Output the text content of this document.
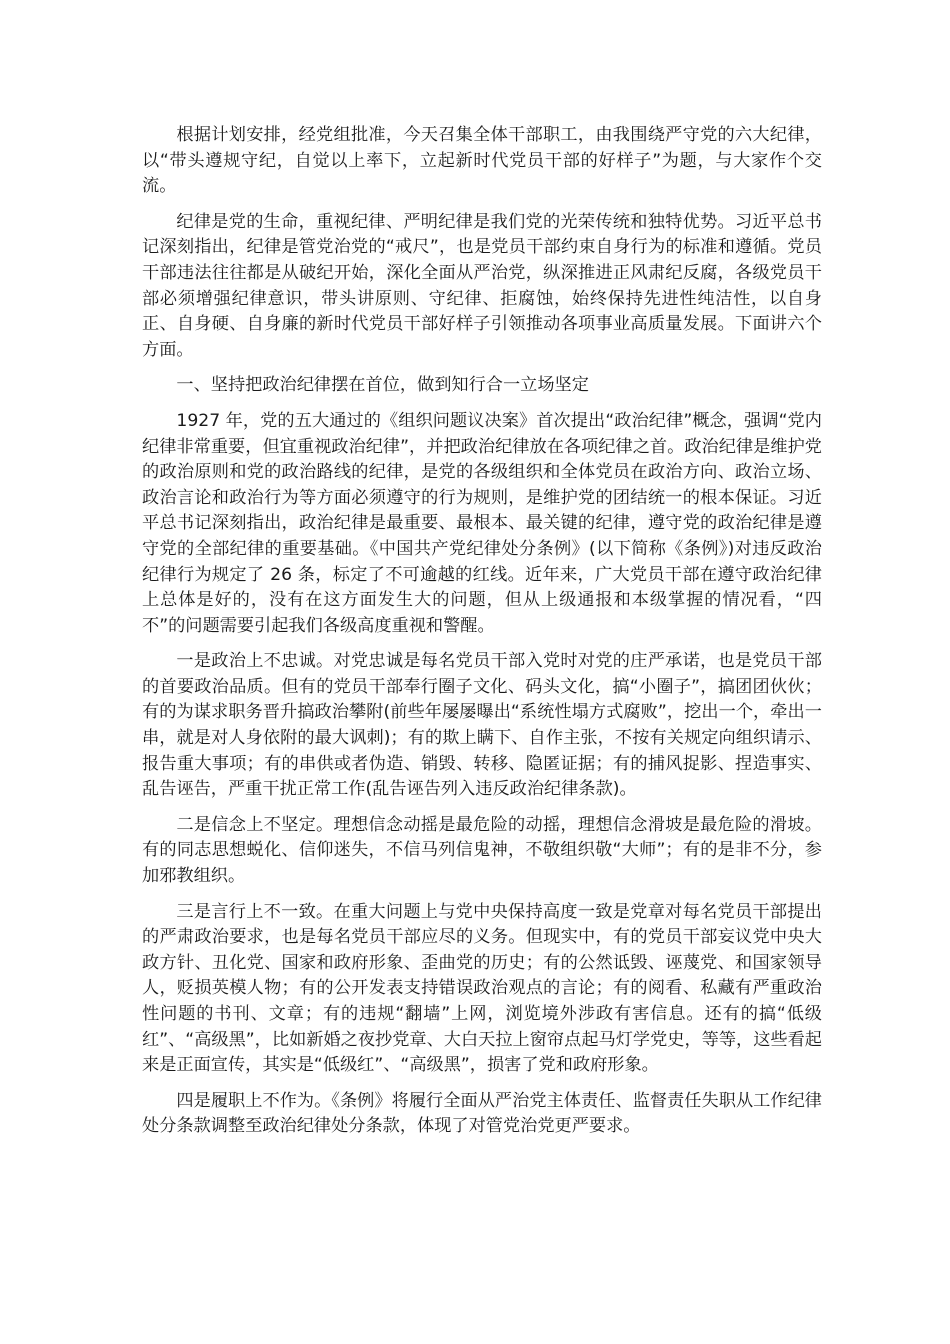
根据计划安排，经党组批准，今天召集全体干部职工，由我围绕严守党的六大纪律，以“带头遵规守纪，自觉以上率下，立起新时代党员干部的好样子”为题，与大家作个交流。

纪律是党的生命，重视纪律、严明纪律是我们党的光荣传统和独特优势。习近平总书记深刻指出，纪律是管党治党的“戒尺”，也是党员干部约束自身行为的标准和遵循。党员干部违法往往都是从破纪开始，深化全面从严治党，纵深推进正风肃纪反腐，各级党员干部必须增强纪律意识，带头讲原则、守纪律、拒腐蚀，始终保持先进性纯洁性，以自身正、自身硬、自身廉的新时代党员干部好样子引领推动各项事业高质量发展。下面讲六个方面。

一、坚持把政治纪律摆在首位，做到知行合一立场坚定

1927 年，党的五大通过的《组织问题议决案》首次提出“政治纪律”概念，强调“党内纪律非常重要，但宜重视政治纪律”，并把政治纪律放在各项纪律之首。政治纪律是维护党的政治原则和党的政治路线的纪律，是党的各级组织和全体党员在政治方向、政治立场、政治言论和政治行为等方面必须遵守的行为规则，是维护党的团结统一的根本保证。习近平总书记深刻指出，政治纪律是最重要、最根本、最关键的纪律，遵守党的政治纪律是遵守党的全部纪律的重要基础。《中国共产党纪律处分条例》(以下简称《条例》)对违反政治纪律行为规定了 26 条，标定了不可逾越的红线。近年来，广大党员干部在遵守政治纪律上总体是好的，没有在这方面发生大的问题，但从上级通报和本级掌握的情况看，“四不”的问题需要引起我们各级高度重视和警醒。

一是政治上不忠诚。对党忠诚是每名党员干部入党时对党的庄严承诺，也是党员干部的首要政治品质。但有的党员干部奉行圈子文化、码头文化，搞“小圈子”，搞团团伙伙；有的为谋求职务晋升搞政治攀附(前些年屡屡曝出“系统性塌方式腐败”，挖出一个，牵出一串，就是对人身依附的最大讽刺)；有的欺上瞒下、自作主张，不按有关规定向组织请示、报告重大事项；有的串供或者伪造、销毁、转移、隐匿证据；有的捕风捉影、捏造事实、乱告诬告，严重干扰正常工作(乱告诬告列入违反政治纪律条款)。

二是信念上不坚定。理想信念动摇是最危险的动摇，理想信念滑坡是最危险的滑坡。有的同志思想蜕化、信仰迷失，不信马列信鬼神，不敬组织敬“大师”；有的是非不分，参加邪教组织。

三是言行上不一致。在重大问题上与党中央保持高度一致是党章对每名党员干部提出的严肃政治要求，也是每名党员干部应尽的义务。但现实中，有的党员干部妄议党中央大政方针、丑化党、国家和政府形象、歪曲党的历史；有的公然诋毁、诬蔑党、和国家领导人，贬损英模人物；有的公开发表支持错误政治观点的言论；有的阅看、私藏有严重政治性问题的书刊、文章；有的违规“翻墙”上网，浏览境外涉政有害信息。还有的搞“低级红”、“高级黑”，比如新婚之夜抄党章、大白天拉上窗帘点起马灯学党史，等等，这些看起来是正面宣传，其实是“低级红”、“高级黑”，损害了党和政府形象。

四是履职上不作为。《条例》将履行全面从严治党主体责任、监督责任失职从工作纪律处分条款调整至政治纪律处分条款，体现了对管党治党更严要求。
